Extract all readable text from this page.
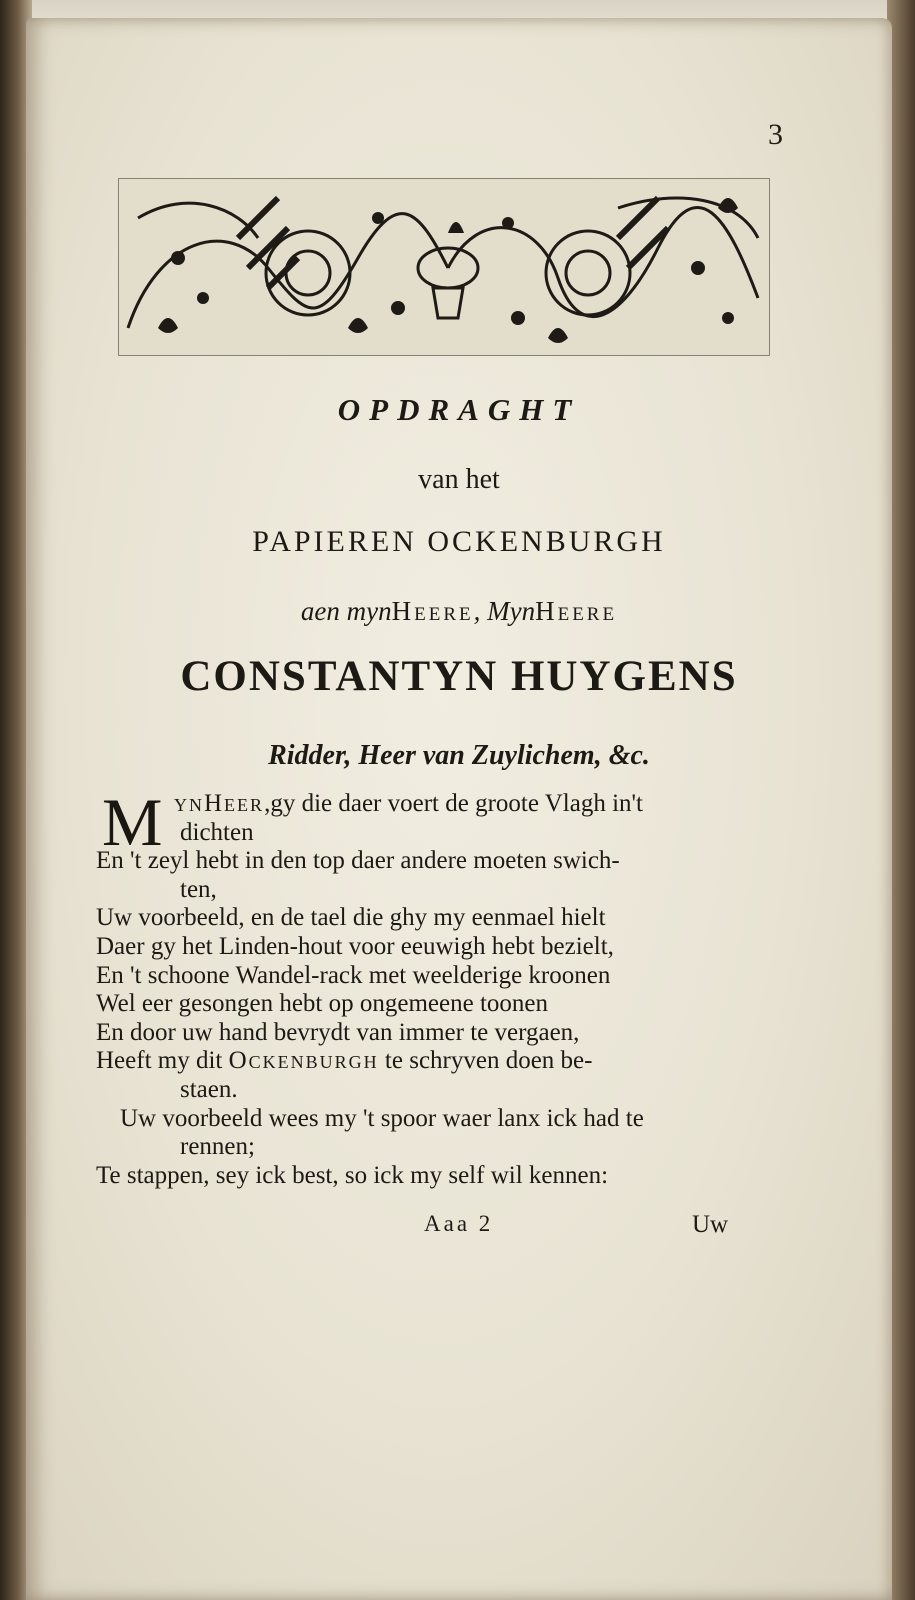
3
OPDRAGHT
van het
PAPIEREN OCKENBURGH
aen mynHeere, MynHeere
CONSTANTYN HUYGENS
Ridder, Heer van Zuylichem, &c.
M ynHeer,gy die daer voert de groote Vlagh in't
dichten
En 't zeyl hebt in den top daer andere moeten swich-
ten,
Uw voorbeeld, en de tael die ghy my eenmael hielt
Daer gy het Linden-hout voor eeuwigh hebt bezielt,
En 't schoone Wandel-rack met weelderige kroonen
Wel eer gesongen hebt op ongemeene toonen
En door uw hand bevrydt van immer te vergaen,
Heeft my dit Ockenburgh te schryven doen be-
staen.
Uw voorbeeld wees my 't spoor waer lanx ick had te
rennen;
Te stappen, sey ick best, so ick my self wil kennen:
Aaa 2	Uw
